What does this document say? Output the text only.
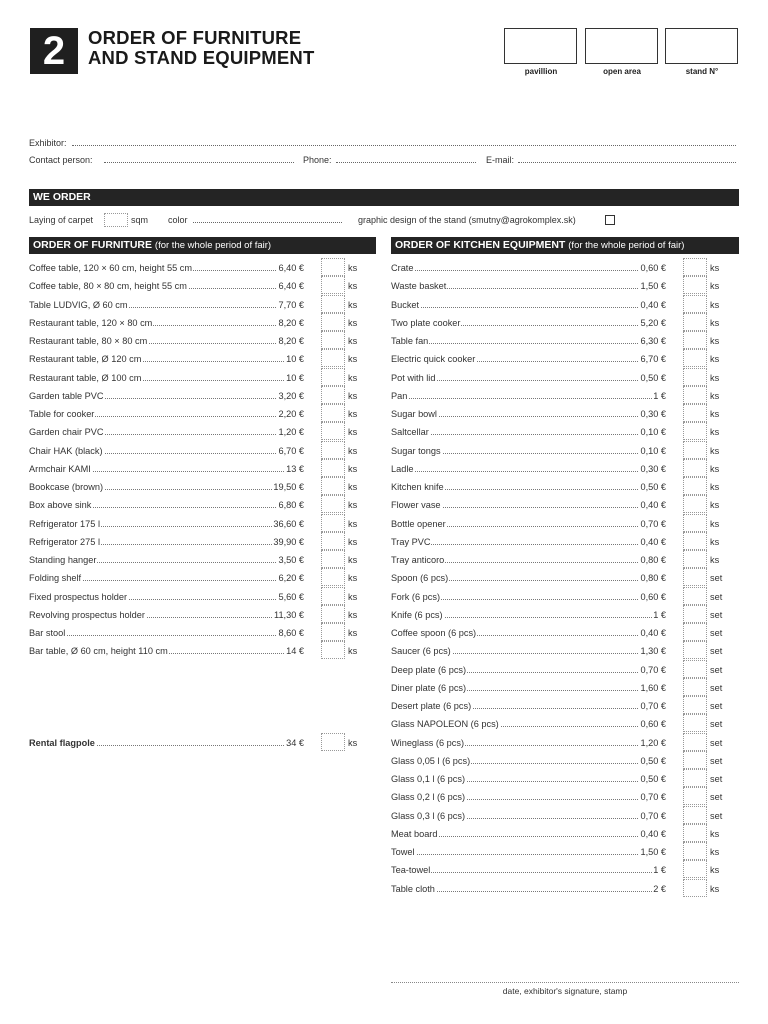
2	ORDER OF FURNITURE
AND STAND EQUIPMENT
pavillion	open area	stand N°
Exhibitor:
Contact person:	Phone:	E-mail:
WE ORDER
Laying of carpet	sqm color	graphic design of the stand (smutny@agrokomplex.sk)
ORDER OF FURNITURE (for the whole period of fair)	ORDER OF KITCHEN EQUIPMENT (for the whole period of fair)
Coffee table, 120 × 60 cm, height 55 cm	6,40 €	ks
Coffee table, 80 × 80 cm, height 55 cm	6,40 €	ks
Table LUDVIG, Ø 60 cm	7,70 €	ks
Restaurant table, 120 × 80 cm	8,20 €	ks
Restaurant table, 80 × 80 cm	8,20 €	ks
Restaurant table, Ø 120 cm	10 €	ks
Restaurant table, Ø 100 cm	10 €	ks
Garden table PVC	3,20 €	ks
Table for cooker	2,20 €	ks
Garden chair PVC	1,20 €	ks
Chair HAK (black)	6,70 €	ks
Armchair KAMI	13 €	ks
Bookcase (brown)	19,50 €	ks
Box above sink	6,80 €	ks
Refrigerator 175 l	36,60 €	ks
Refrigerator 275 l	39,90 €	ks
Standing hanger	3,50 €	ks
Folding shelf	6,20 €	ks
Fixed prospectus holder	5,60 €	ks
Revolving prospectus holder	11,30 €	ks
Bar stool	8,60 €	ks
Bar table, Ø 60 cm, height 110 cm	14 €	ks
Crate	0,60 €	ks
Waste basket	1,50 €	ks
Bucket	0,40 €	ks
Two plate cooker	5,20 €	ks
Table fan	6,30 €	ks
Electric quick cooker	6,70 €	ks
Pot with lid	0,50 €	ks
Pan	1 €	ks
Sugar bowl	0,30 €	ks
Saltcellar	0,10 €	ks
Sugar tongs	0,10 €	ks
Ladle	0,30 €	ks
Kitchen knife	0,50 €	ks
Flower vase	0,40 €	ks
Bottle opener	0,70 €	ks
Tray PVC	0,40 €	ks
Tray anticoro	0,80 €	ks
Spoon (6 pcs)	0,80 €	set
Fork (6 pcs)	0,60 €	set
Knife (6 pcs)	1 €	set
Coffee spoon (6 pcs)	0,40 €	set
Saucer (6 pcs)	1,30 €	set
Deep plate (6 pcs)	0,70 €	set
Diner plate (6 pcs)	1,60 €	set
Desert plate (6 pcs)	0,70 €	set
Glass NAPOLEON (6 pcs)	0,60 €	set
Wineglass (6 pcs)	1,20 €	set
Glass 0,05 l (6 pcs)	0,50 €	set
Glass 0,1 l (6 pcs)	0,50 €	set
Glass 0,2 l (6 pcs)	0,70 €	set
Glass 0,3 l (6 pcs)	0,70 €	set
Meat board	0,40 €	ks
Towel	1,50 €	ks
Tea-towel	1 €	ks
Table cloth	2 €	ks
Rental flagpole	34 €	ks
date, exhibitor's signature, stamp
